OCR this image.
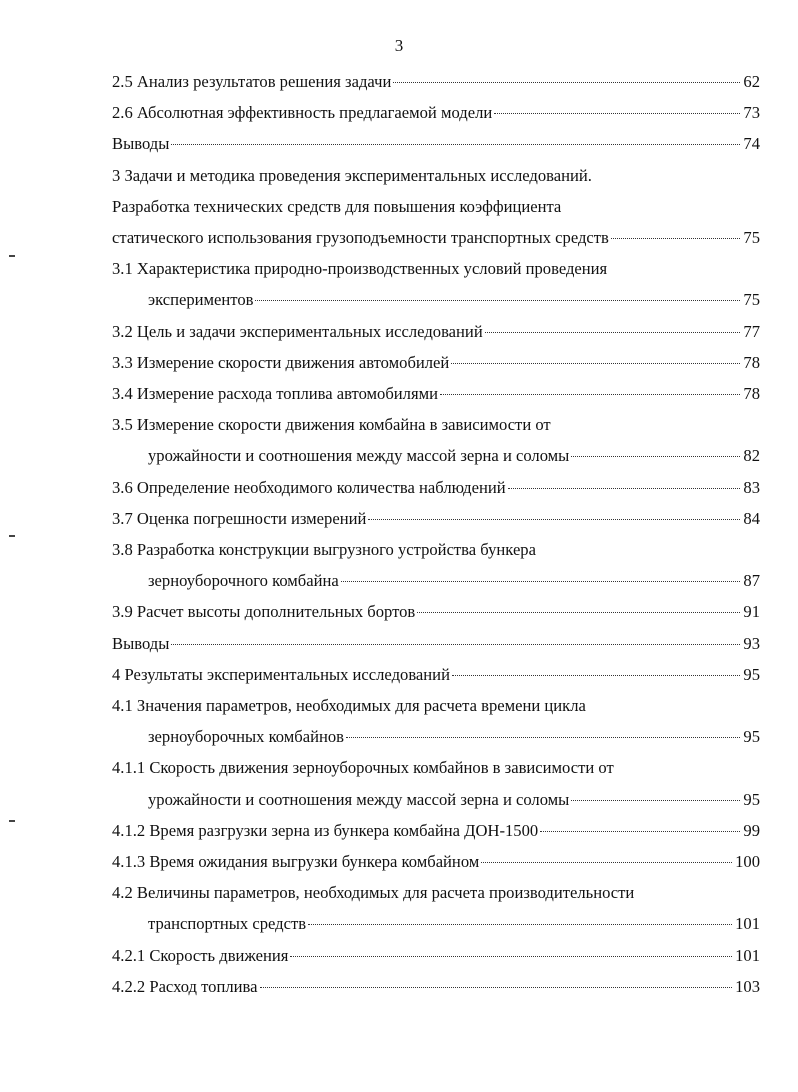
3
2.5 Анализ результатов решения задачи	62
2.6 Абсолютная эффективность предлагаемой модели	73
Выводы	74
3 Задачи и методика проведения экспериментальных исследований.
Разработка технических средств для повышения коэффициента
статического использования грузоподъемности транспортных средств	75
3.1 Характеристика природно-производственных условий проведения
экспериментов	75
3.2 Цель и задачи экспериментальных исследований	77
3.3 Измерение скорости движения автомобилей	78
3.4 Измерение расхода топлива автомобилями	78
3.5 Измерение скорости движения комбайна в зависимости от
урожайности и соотношения между массой зерна и соломы	82
3.6 Определение необходимого количества наблюдений	83
3.7 Оценка погрешности измерений	84
3.8 Разработка конструкции выгрузного устройства бункера
зерноуборочного комбайна	87
3.9 Расчет высоты дополнительных бортов	91
Выводы	93
4 Результаты экспериментальных исследований	95
4.1 Значения параметров, необходимых для расчета времени цикла
зерноуборочных комбайнов	95
4.1.1 Скорость движения зерноуборочных комбайнов в зависимости от
урожайности и соотношения между массой зерна и соломы	95
4.1.2 Время разгрузки зерна из бункера комбайна ДОН-1500	99
4.1.3 Время ожидания выгрузки бункера комбайном	100
4.2 Величины параметров, необходимых для расчета производительности
транспортных средств	101
4.2.1 Скорость движения	101
4.2.2 Расход топлива	103
